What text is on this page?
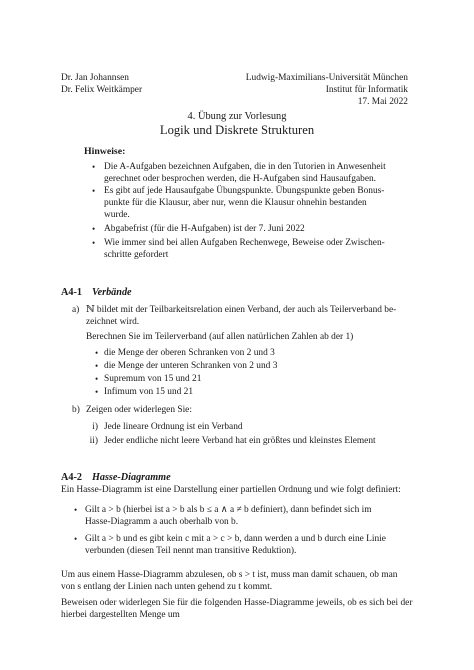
Dr. Jan Johannsen
Dr. Felix Weitkämper
Ludwig-Maximilians-Universität München
Institut für Informatik
17. Mai 2022
4. Übung zur Vorlesung
Logik und Diskrete Strukturen
Hinweise:
• Die A-Aufgaben bezeichnen Aufgaben, die in den Tutorien in Anwesenheit
gerechnet oder besprochen werden, die H-Aufgaben sind Hausaufgaben.
• Es gibt auf jede Hausaufgabe Übungspunkte. Übungspunkte geben Bonus-
punkte für die Klausur, aber nur, wenn die Klausur ohnehin bestanden
wurde.
• Abgabefrist (für die H-Aufgaben) ist der 7. Juni 2022
• Wie immer sind bei allen Aufgaben Rechenwege, Beweise oder Zwischen-
schritte gefordert
A4-1 Verbände
a) ℕ bildet mit der Teilbarkeitsrelation einen Verband, der auch als Teilerverband be-
zeichnet wird.
Berechnen Sie im Teilerverband (auf allen natürlichen Zahlen ab der 1)
• die Menge der oberen Schranken von 2 und 3
• die Menge der unteren Schranken von 2 und 3
• Supremum von 15 und 21
• Infimum von 15 und 21
b) Zeigen oder widerlegen Sie:
i) Jede lineare Ordnung ist ein Verband
ii) Jeder endliche nicht leere Verband hat ein größtes und kleinstes Element
A4-2 Hasse-Diagramme
Ein Hasse-Diagramm ist eine Darstellung einer partiellen Ordnung und wie folgt definiert:
• Gilt a > b (hierbei ist a > b als b ≤ a ∧ a ≠ b definiert), dann befindet sich im
Hasse-Diagramm a auch oberhalb von b.
• Gilt a > b und es gibt kein c mit a > c > b, dann werden a und b durch eine Linie
verbunden (diesen Teil nennt man transitive Reduktion).
Um aus einem Hasse-Diagramm abzulesen, ob s > t ist, muss man damit schauen, ob man
von s entlang der Linien nach unten gehend zu t kommt.
Beweisen oder widerlegen Sie für die folgenden Hasse-Diagramme jeweils, ob es sich bei der
hierbei dargestellten Menge um
